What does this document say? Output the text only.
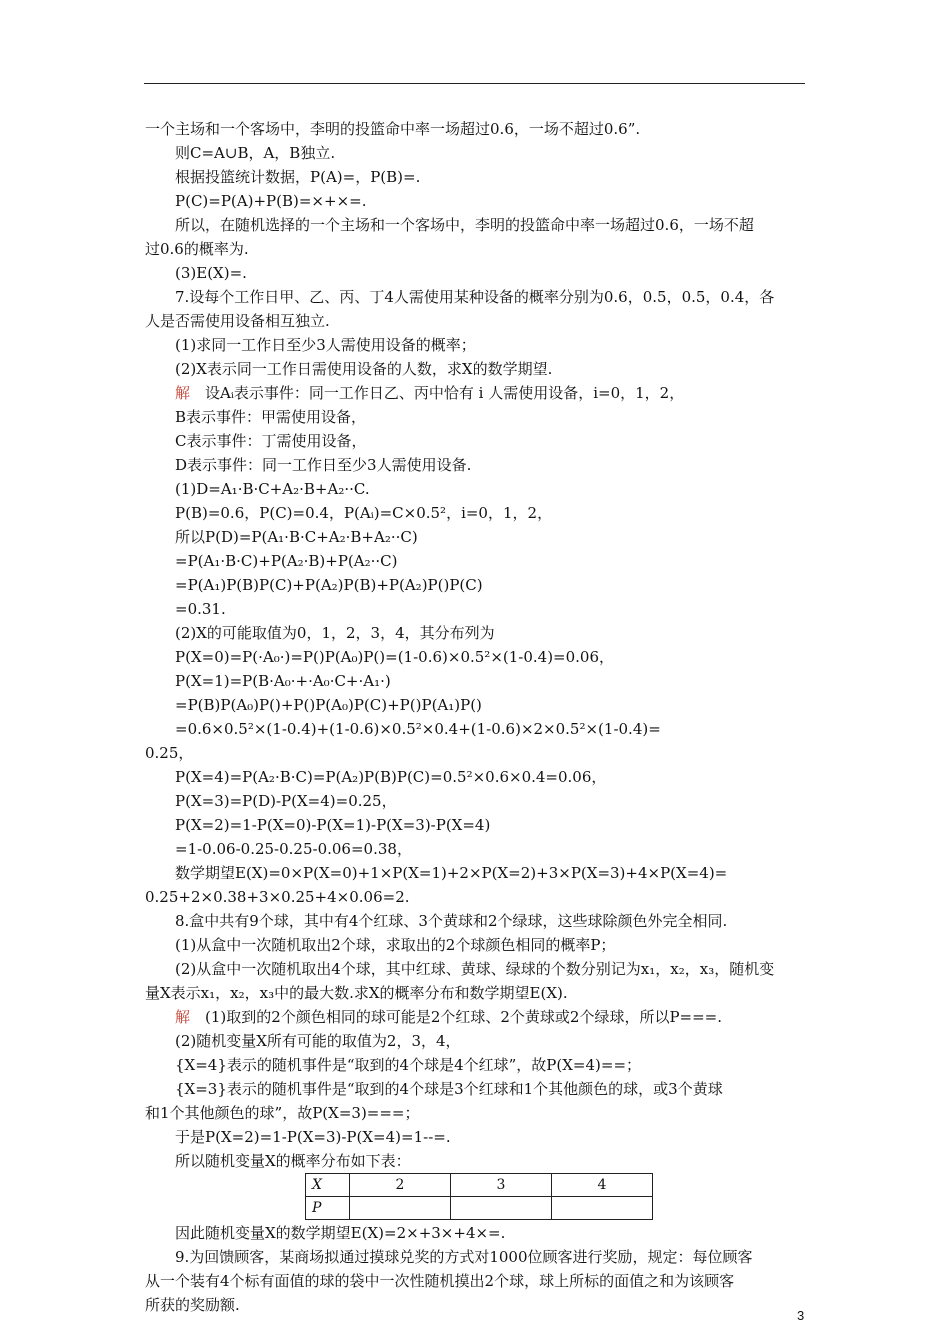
一个主场和一个客场中，李明的投篮命中率一场超过0.6，一场不超过0.6”.
则C=A∪B，A，B独立.
根据投篮统计数据，P(A)=，P(B)=.
P(C)=P(A)+P(B)=×+×=.
所以，在随机选择的一个主场和一个客场中，李明的投篮命中率一场超过0.6，一场不超
过0.6的概率为.
(3)E(X)=.
7.设每个工作日甲、乙、丙、丁4人需使用某种设备的概率分别为0.6，0.5，0.5，0.4，各
人是否需使用设备相互独立.
(1)求同一工作日至少3人需使用设备的概率；
(2)X表示同一工作日需使用设备的人数，求X的数学期望.
解　 设Aᵢ表示事件：同一工作日乙、丙中恰有 i 人需使用设备，i=0，1，2，
B表示事件：甲需使用设备，
C表示事件：丁需使用设备，
D表示事件：同一工作日至少3人需使用设备.
(1)D=A₁·B·C+A₂·B+A₂··C.
P(B)=0.6，P(C)=0.4，P(Aᵢ)=C×0.5²，i=0，1，2，
所以P(D)=P(A₁·B·C+A₂·B+A₂··C)
=P(A₁·B·C)+P(A₂·B)+P(A₂··C)
=P(A₁)P(B)P(C)+P(A₂)P(B)+P(A₂)P()P(C)
=0.31.
(2)X的可能取值为0，1，2，3，4，其分布列为
P(X=0)=P(·A₀·)=P()P(A₀)P()=(1-0.6)×0.5²×(1-0.4)=0.06，
P(X=1)=P(B·A₀·+·A₀·C+·A₁·)
=P(B)P(A₀)P()+P()P(A₀)P(C)+P()P(A₁)P()
=0.6×0.5²×(1-0.4)+(1-0.6)×0.5²×0.4+(1-0.6)×2×0.5²×(1-0.4)=
0.25，
P(X=4)=P(A₂·B·C)=P(A₂)P(B)P(C)=0.5²×0.6×0.4=0.06，
P(X=3)=P(D)-P(X=4)=0.25，
P(X=2)=1-P(X=0)-P(X=1)-P(X=3)-P(X=4)
=1-0.06-0.25-0.25-0.06=0.38，
数学期望E(X)=0×P(X=0)+1×P(X=1)+2×P(X=2)+3×P(X=3)+4×P(X=4)=
0.25+2×0.38+3×0.25+4×0.06=2.
8.盒中共有9个球，其中有4个红球、3个黄球和2个绿球，这些球除颜色外完全相同.
(1)从盒中一次随机取出2个球，求取出的2个球颜色相同的概率P；
(2)从盒中一次随机取出4个球，其中红球、黄球、绿球的个数分别记为x₁，x₂，x₃，随机变
量X表示x₁，x₂，x₃中的最大数.求X的概率分布和数学期望E(X).
解　 (1)取到的2个颜色相同的球可能是2个红球、2个黄球或2个绿球，所以P===.
(2)随机变量X所有可能的取值为2，3，4，
{X=4}表示的随机事件是“取到的4个球是4个红球”，故P(X=4)==；
{X=3}表示的随机事件是“取到的4个球是3个红球和1个其他颜色的球，或3个黄球
和1个其他颜色的球”，故P(X=3)===；
于是P(X=2)=1-P(X=3)-P(X=4)=1--=.
所以随机变量X的概率分布如下表：
X	2	3	4
P			
因此随机变量X的数学期望E(X)=2×+3×+4×=.
9.为回馈顾客，某商场拟通过摸球兑奖的方式对1000位顾客进行奖励，规定：每位顾客
从一个装有4个标有面值的球的袋中一次性随机摸出2个球，球上所标的面值之和为该顾客
所获的奖励额.
3
